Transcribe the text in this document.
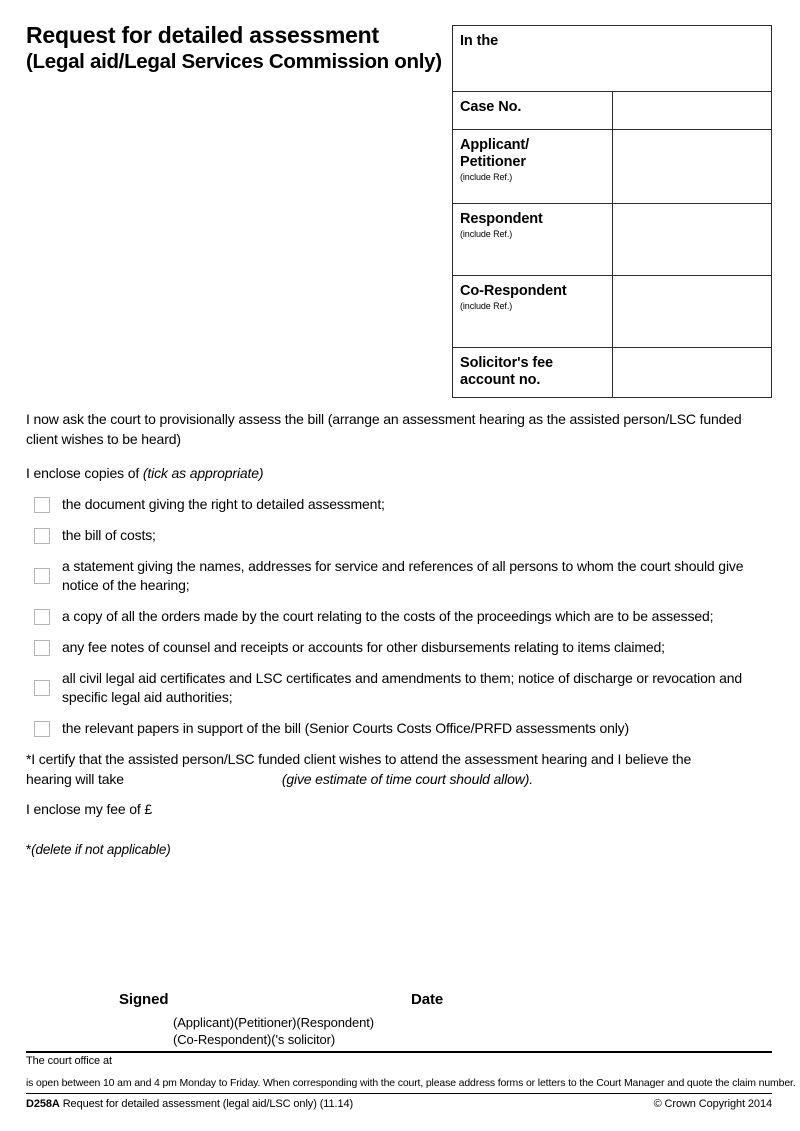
Request for detailed assessment
(Legal aid/Legal Services Commission only)
In the	

Case No.	

Applicant/
Petitioner
(include Ref.)	

Respondent
(include Ref.)	

Co-Respondent
(include Ref.)	

Solicitor's fee
account no.	

I now ask the court to provisionally assess the bill (arrange an assessment hearing as the assisted person/LSC funded client wishes to be heard)
I enclose copies of (tick as appropriate)
the document giving the right to detailed assessment;
the bill of costs;
a statement giving the names, addresses for service and references of all persons to whom the court should give notice of the hearing;
a copy of all the orders made by the court relating to the costs of the proceedings which are to be assessed;
any fee notes of counsel and receipts or accounts for other disbursements relating to items claimed;
all civil legal aid certificates and LSC certificates and amendments to them; notice of discharge or revocation and specific legal aid authorities;
the relevant papers in support of the bill (Senior Courts Costs Office/PRFD assessments only)
*I certify that the assisted person/LSC funded client wishes to attend the assessment hearing and I believe the
hearing will take	(give estimate of time court should allow).
I enclose my fee of £
*(delete if not applicable)
Signed	Date
(Applicant)(Petitioner)(Respondent)
(Co-Respondent)('s solicitor)
The court office at
is open between 10 am and 4 pm Monday to Friday. When corresponding with the court, please address forms or letters to the Court Manager and quote the claim number.
D258A Request for detailed assessment (legal aid/LSC only) (11.14)	© Crown Copyright 2014
